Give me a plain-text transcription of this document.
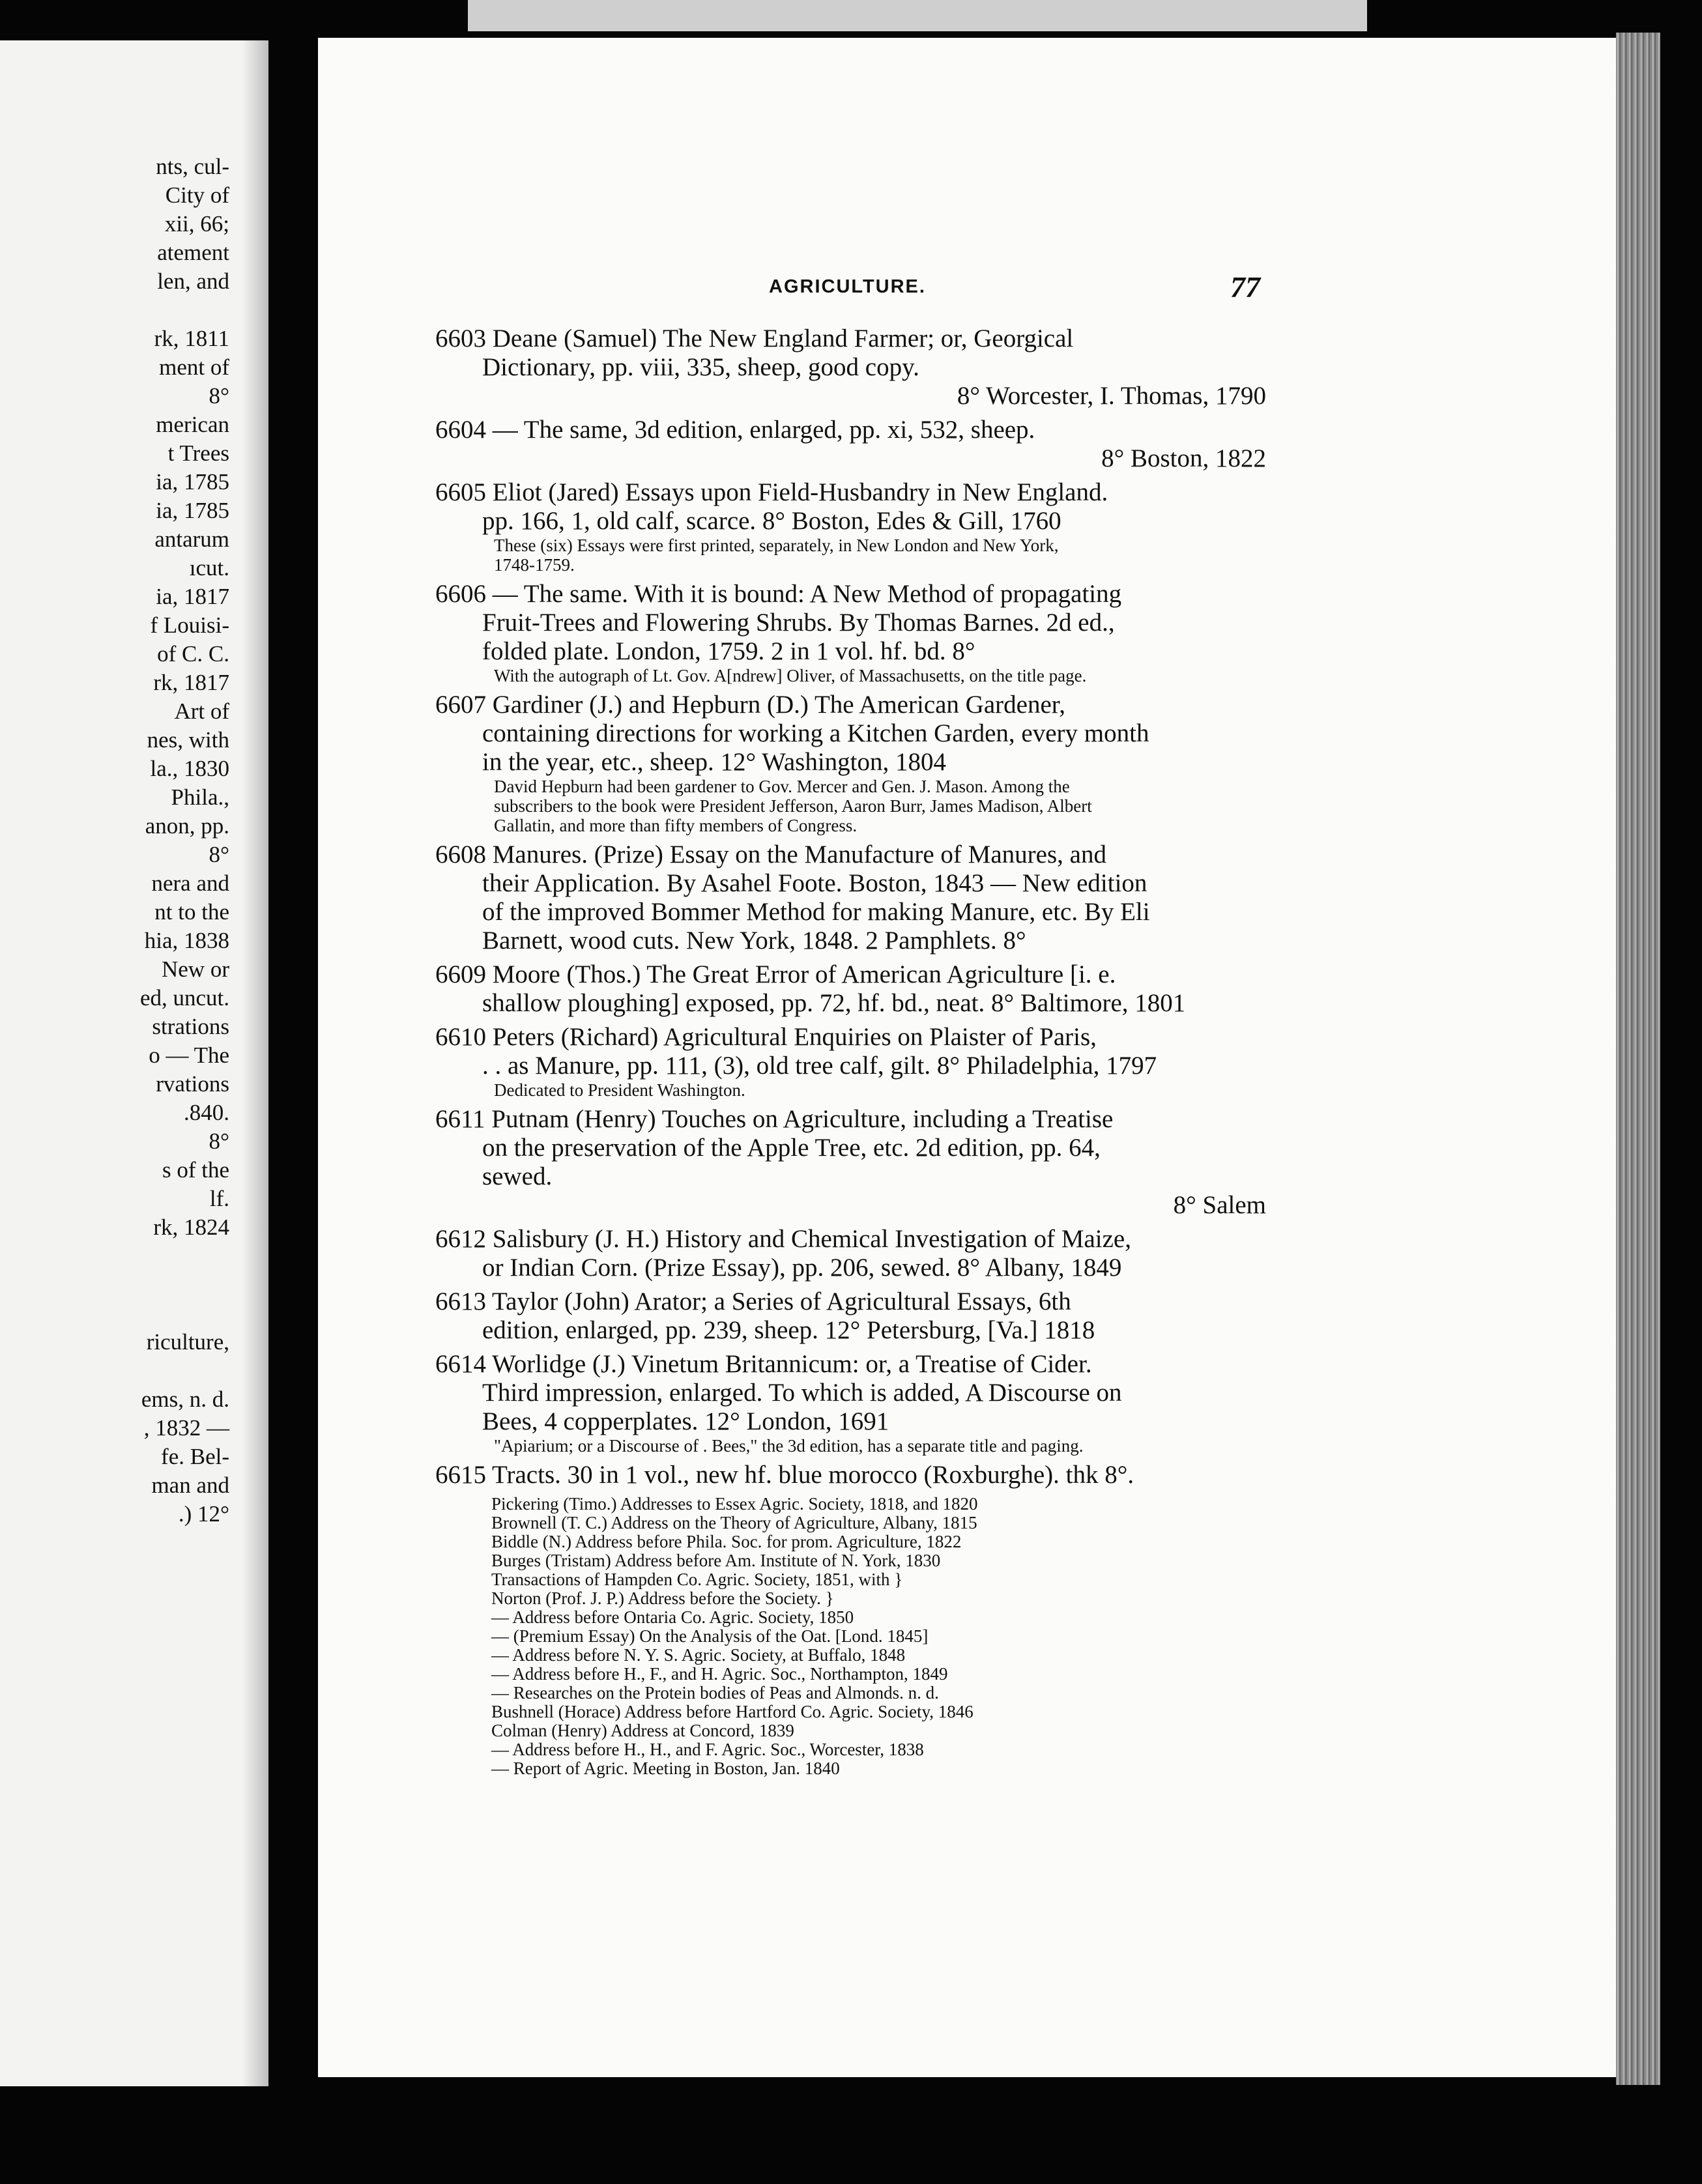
nts, cul-
City of
xii, 66;
atement
len, and
rk, 1811
ment of
8°
merican
t Trees
ia, 1785
ia, 1785
antarum
ıcut.
ia, 1817
f Louisi-
of C. C.
rk, 1817
Art of
nes, with
la., 1830
Phila.,
anon, pp.
8°
nera and
nt to the
hia, 1838
New or
ed, uncut.
strations
o — The
rvations
.840.
8°
s of the
lf.
rk, 1824
riculture,
ems, n. d.
, 1832 —
fe. Bel-
man and
.) 12°
AGRICULTURE.	77
6603 Deane (Samuel) The New England Farmer; or, Georgical
Dictionary, pp. viii, 335, sheep, good copy.
8° Worcester, I. Thomas, 1790
6604 — The same, 3d edition, enlarged, pp. xi, 532, sheep.
8° Boston, 1822
6605 Eliot (Jared) Essays upon Field-Husbandry in New England.
pp. 166, 1, old calf, scarce. 8° Boston, Edes & Gill, 1760
These (six) Essays were first printed, separately, in New London and New York,
1748-1759.
6606 — The same. With it is bound: A New Method of propagating
Fruit-Trees and Flowering Shrubs. By Thomas Barnes. 2d ed.,
folded plate. London, 1759. 2 in 1 vol. hf. bd. 8°
With the autograph of Lt. Gov. A[ndrew] Oliver, of Massachusetts, on the title page.
6607 Gardiner (J.) and Hepburn (D.) The American Gardener,
containing directions for working a Kitchen Garden, every month
in the year, etc., sheep. 12° Washington, 1804
David Hepburn had been gardener to Gov. Mercer and Gen. J. Mason. Among the
subscribers to the book were President Jefferson, Aaron Burr, James Madison, Albert
Gallatin, and more than fifty members of Congress.
6608 Manures. (Prize) Essay on the Manufacture of Manures, and
their Application. By Asahel Foote. Boston, 1843 — New edition
of the improved Bommer Method for making Manure, etc. By Eli
Barnett, wood cuts. New York, 1848. 2 Pamphlets. 8°
6609 Moore (Thos.) The Great Error of American Agriculture [i. e.
shallow ploughing] exposed, pp. 72, hf. bd., neat. 8° Baltimore, 1801
6610 Peters (Richard) Agricultural Enquiries on Plaister of Paris,
. . as Manure, pp. 111, (3), old tree calf, gilt. 8° Philadelphia, 1797
Dedicated to President Washington.
6611 Putnam (Henry) Touches on Agriculture, including a Treatise
on the preservation of the Apple Tree, etc. 2d edition, pp. 64,
sewed.
8° Salem
6612 Salisbury (J. H.) History and Chemical Investigation of Maize,
or Indian Corn. (Prize Essay), pp. 206, sewed. 8° Albany, 1849
6613 Taylor (John) Arator; a Series of Agricultural Essays, 6th
edition, enlarged, pp. 239, sheep. 12° Petersburg, [Va.] 1818
6614 Worlidge (J.) Vinetum Britannicum: or, a Treatise of Cider.
Third impression, enlarged. To which is added, A Discourse on
Bees, 4 copperplates. 12° London, 1691
"Apiarium; or a Discourse of . Bees," the 3d edition, has a separate title and paging.
6615 Tracts. 30 in 1 vol., new hf. blue morocco (Roxburghe). thk 8°.
Pickering (Timo.) Addresses to Essex Agric. Society, 1818, and 1820
Brownell (T. C.) Address on the Theory of Agriculture, Albany, 1815
Biddle (N.) Address before Phila. Soc. for prom. Agriculture, 1822
Burges (Tristam) Address before Am. Institute of N. York, 1830
Transactions of Hampden Co. Agric. Society, 1851, with }
Norton (Prof. J. P.) Address before the Society. }
— Address before Ontaria Co. Agric. Society, 1850
— (Premium Essay) On the Analysis of the Oat. [Lond. 1845]
— Address before N. Y. S. Agric. Society, at Buffalo, 1848
— Address before H., F., and H. Agric. Soc., Northampton, 1849
— Researches on the Protein bodies of Peas and Almonds. n. d.
Bushnell (Horace) Address before Hartford Co. Agric. Society, 1846
Colman (Henry) Address at Concord, 1839
— Address before H., H., and F. Agric. Soc., Worcester, 1838
— Report of Agric. Meeting in Boston, Jan. 1840
